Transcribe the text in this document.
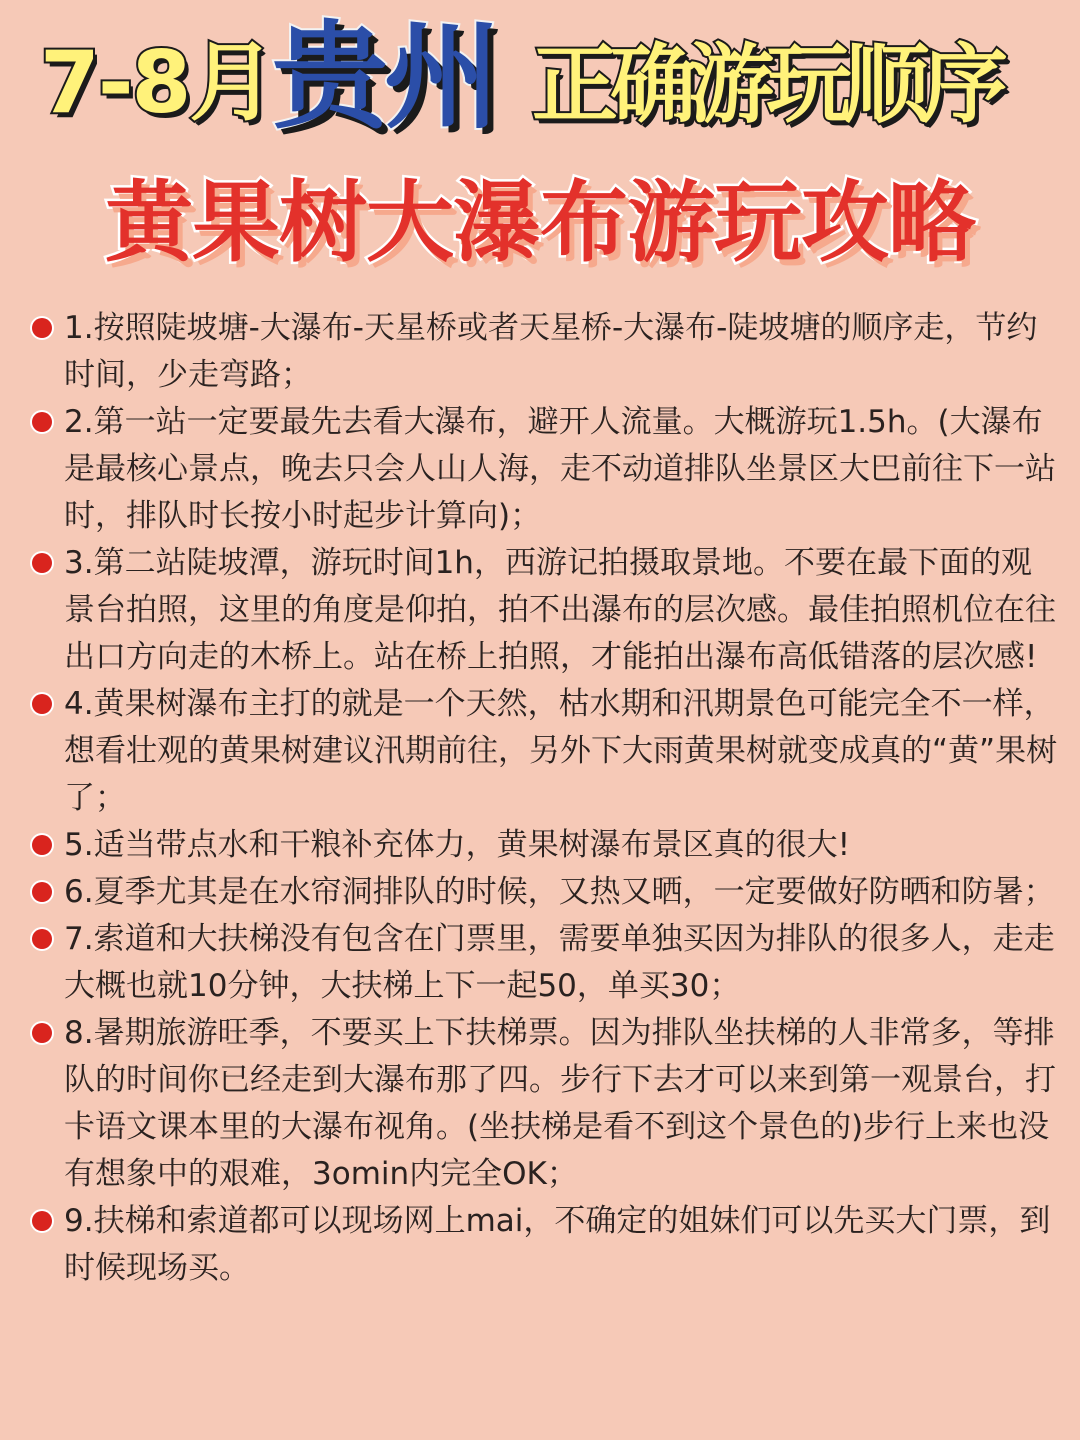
7-8月
贵州 正确游玩顺序
黄果树大瀑布游玩攻略
1.按照陡坡塘-大瀑布-天星桥或者天星桥-大瀑布-陡坡塘的顺序走，节约时间，少走弯路；
2.第一站一定要最先去看大瀑布，避开人流量。大概游玩1.5h。(大瀑布是最核心景点，晚去只会人山人海，走不动道排队坐景区大巴前往下一站时，排队时长按小时起步计算向)；
3.第二站陡坡潭，游玩时间1h，西游记拍摄取景地。不要在最下面的观景台拍照，这里的角度是仰拍，拍不出瀑布的层次感。最佳拍照机位在往出口方向走的木桥上。站在桥上拍照，才能拍出瀑布高低错落的层次感!
4.黄果树瀑布主打的就是一个天然，枯水期和汛期景色可能完全不一样，想看壮观的黄果树建议汛期前往，另外下大雨黄果树就变成真的“黄”果树了；
5.适当带点水和干粮补充体力，黄果树瀑布景区真的很大!
6.夏季尤其是在水帘洞排队的时候，又热又晒，一定要做好防晒和防暑；
7.索道和大扶梯没有包含在门票里，需要单独买因为排队的很多人，走走大概也就10分钟，大扶梯上下一起50，单买30；
8.暑期旅游旺季，不要买上下扶梯票。因为排队坐扶梯的人非常多，等排队的时间你已经走到大瀑布那了四。步行下去才可以来到第一观景台，打卡语文课本里的大瀑布视角。(坐扶梯是看不到这个景色的)步行上来也没有想象中的艰难，3omin内完全OK；
9.扶梯和索道都可以现场网上mai，不确定的姐妹们可以先买大门票，到时候现场买。
